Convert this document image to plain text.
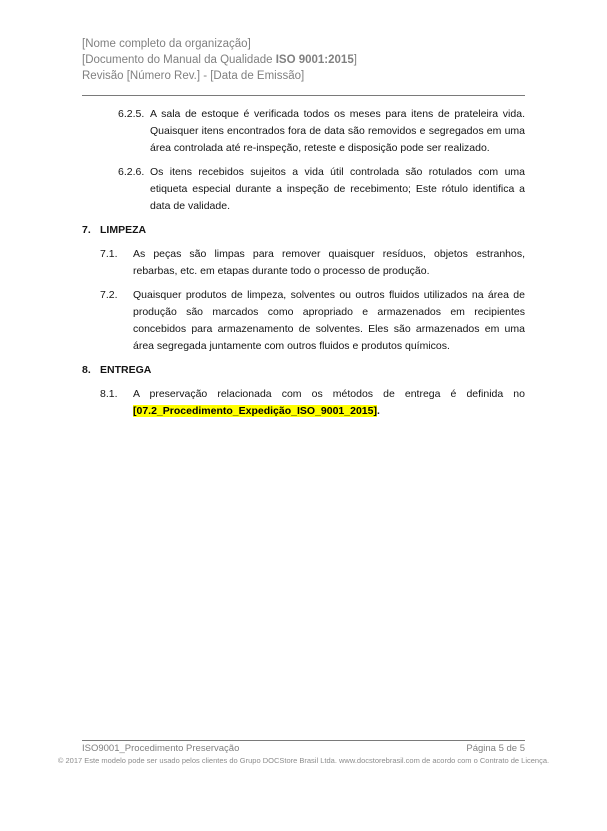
[Nome completo da organização]
[Documento do Manual da Qualidade ISO 9001:2015]
Revisão [Número Rev.] - [Data de Emissão]
6.2.5. A sala de estoque é verificada todos os meses para itens de prateleira vida. Quaisquer itens encontrados fora de data são removidos e segregados em uma área controlada até re-inspeção, reteste e disposição pode ser realizado.
6.2.6. Os itens recebidos sujeitos a vida útil controlada são rotulados com uma etiqueta especial durante a inspeção de recebimento; Este rótulo identifica a data de validade.
7. LIMPEZA
7.1.	As peças são limpas para remover quaisquer resíduos, objetos estranhos, rebarbas, etc. em etapas durante todo o processo de produção.
7.2.	Quaisquer produtos de limpeza, solventes ou outros fluidos utilizados na área de produção são marcados como apropriado e armazenados em recipientes concebidos para armazenamento de solventes. Eles são armazenados em uma área segregada juntamente com outros fluidos e produtos químicos.
8. ENTREGA
8.1.	A preservação relacionada com os métodos de entrega é definida no [07.2_Procedimento_Expedição_ISO_9001_2015].
ISO9001_Procedimento Preservação	Página 5 de 5
© 2017 Este modelo pode ser usado pelos clientes do Grupo DOCStore Brasil Ltda. www.docstorebrasil.com de acordo com o Contrato de Licença.
